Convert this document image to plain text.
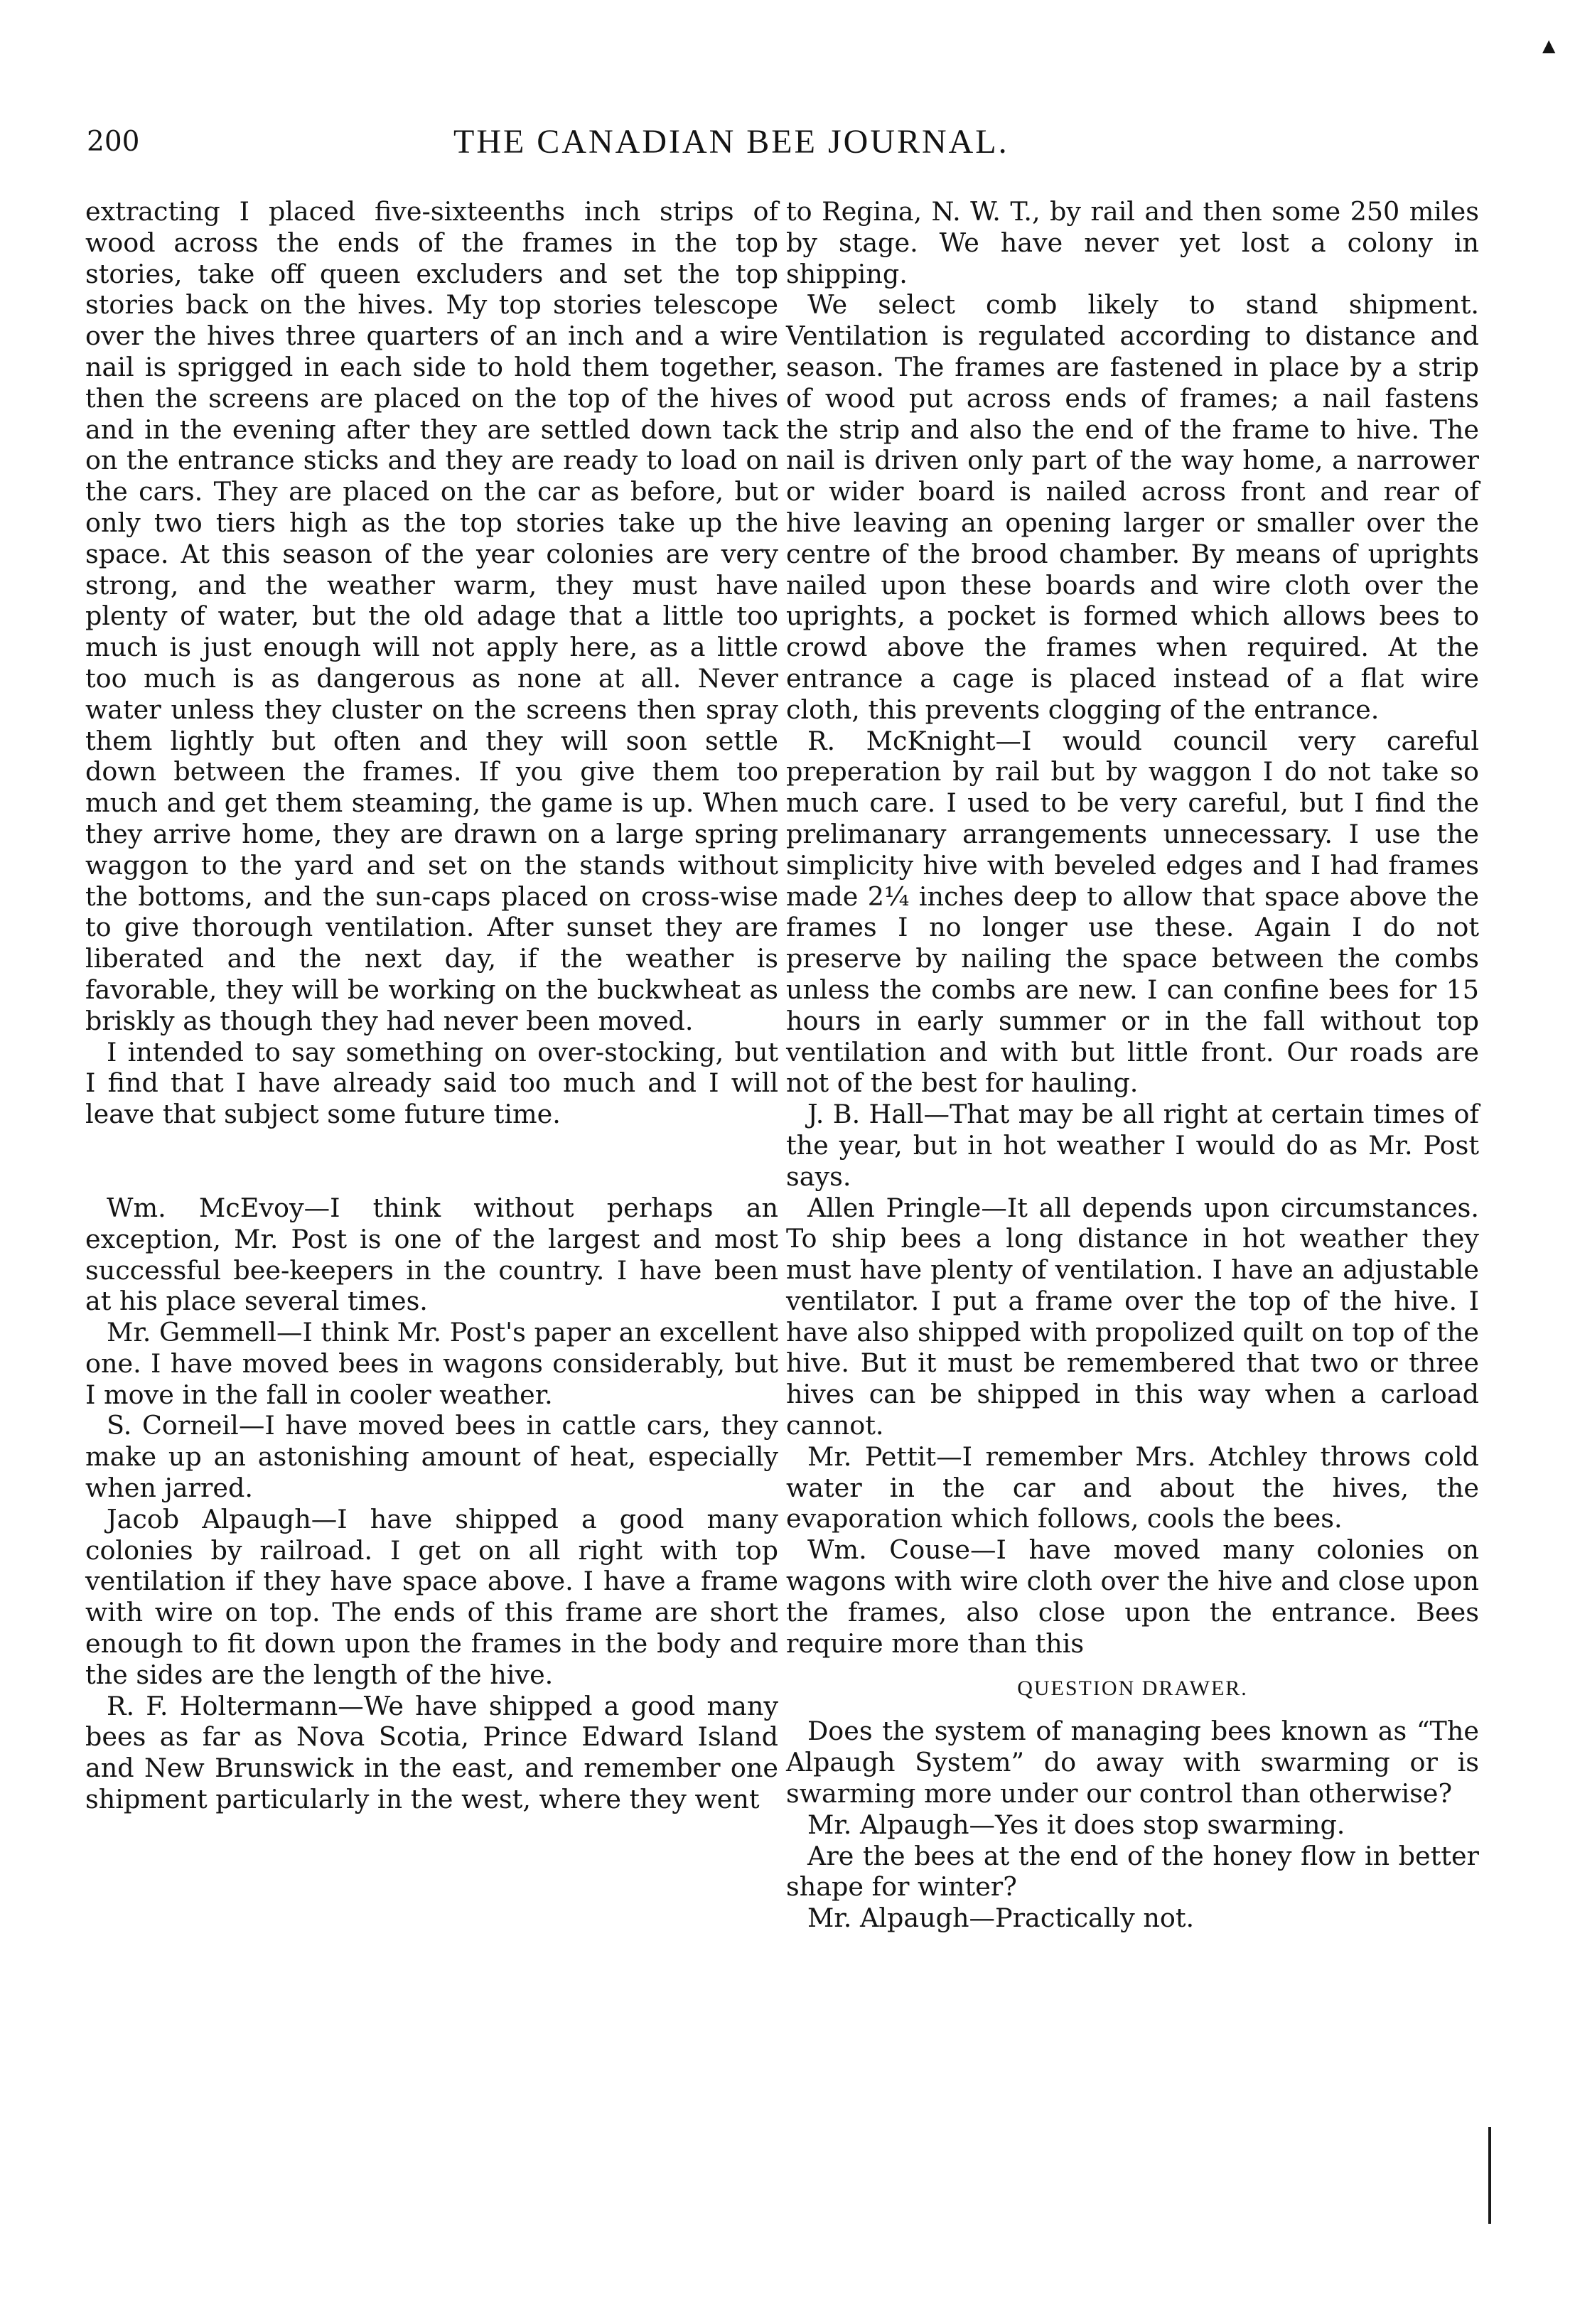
▲
200	THE CANADIAN BEE JOURNAL.

extracting I placed five-sixteenths inch strips of wood across the ends of the frames in the top stories, take off queen excluders and set the top stories back on the hives. My top stories telescope over the hives three quarters of an inch and a wire nail is sprigged in each side to hold them together, then the screens are placed on the top of the hives and in the evening after they are settled down tack on the entrance sticks and they are ready to load on the cars. They are placed on the car as before, but only two tiers high as the top stories take up the space. At this season of the year colonies are very strong, and the weather warm, they must have plenty of water, but the old adage that a little too much is just enough will not apply here, as a little too much is as dangerous as none at all. Never water unless they cluster on the screens then spray them lightly but often and they will soon settle down between the frames. If you give them too much and get them steaming, the game is up. When they arrive home, they are drawn on a large spring waggon to the yard and set on the stands without the bottoms, and the sun-caps placed on cross-wise to give thorough ventilation. After sunset they are liberated and the next day, if the weather is favorable, they will be working on the buckwheat as briskly as though they had never been moved.

I intended to say something on over-stocking, but I find that I have already said too much and I will leave that subject some future time.

Wm. McEvoy—I think without perhaps an exception, Mr. Post is one of the largest and most successful bee-keepers in the country. I have been at his place several times.

Mr. Gemmell—I think Mr. Post's paper an excellent one. I have moved bees in wagons considerably, but I move in the fall in cooler weather.

S. Corneil—I have moved bees in cattle cars, they make up an astonishing amount of heat, especially when jarred.

Jacob Alpaugh—I have shipped a good many colonies by railroad. I get on all right with top ventilation if they have space above. I have a frame with wire on top. The ends of this frame are short enough to fit down upon the frames in the body and the sides are the length of the hive.

R. F. Holtermann—We have shipped a good many bees as far as Nova Scotia, Prince Edward Island and New Brunswick in the east, and remember one shipment particularly in the west, where they went

to Regina, N. W. T., by rail and then some 250 miles by stage. We have never yet lost a colony in shipping.

We select comb likely to stand shipment. Ventilation is regulated according to distance and season. The frames are fastened in place by a strip of wood put across ends of frames; a nail fastens the strip and also the end of the frame to hive. The nail is driven only part of the way home, a narrower or wider board is nailed across front and rear of hive leaving an opening larger or smaller over the centre of the brood chamber. By means of uprights nailed upon these boards and wire cloth over the uprights, a pocket is formed which allows bees to crowd above the frames when required. At the entrance a cage is placed instead of a flat wire cloth, this prevents clogging of the entrance.

R. McKnight—I would council very careful preperation by rail but by waggon I do not take so much care. I used to be very careful, but I find the prelimanary arrangements unnecessary. I use the simplicity hive with beveled edges and I had frames made 2¼ inches deep to allow that space above the frames I no longer use these. Again I do not preserve by nailing the space between the combs unless the combs are new. I can confine bees for 15 hours in early summer or in the fall without top ventilation and with but little front. Our roads are not of the best for hauling.

J. B. Hall—That may be all right at certain times of the year, but in hot weather I would do as Mr. Post says.

Allen Pringle—It all depends upon circumstances. To ship bees a long distance in hot weather they must have plenty of ventilation. I have an adjustable ventilator. I put a frame over the top of the hive. I have also shipped with propolized quilt on top of the hive. But it must be remembered that two or three hives can be shipped in this way when a carload cannot.

Mr. Pettit—I remember Mrs. Atchley throws cold water in the car and about the hives, the evaporation which follows, cools the bees.

Wm. Couse—I have moved many colonies on wagons with wire cloth over the hive and close upon the frames, also close upon the entrance. Bees require more than this

QUESTION DRAWER.

Does the system of managing bees known as “The Alpaugh System” do away with swarming or is swarming more under our control than otherwise?

Mr. Alpaugh—Yes it does stop swarming.

Are the bees at the end of the honey flow in better shape for winter?

Mr. Alpaugh—Practically not.
